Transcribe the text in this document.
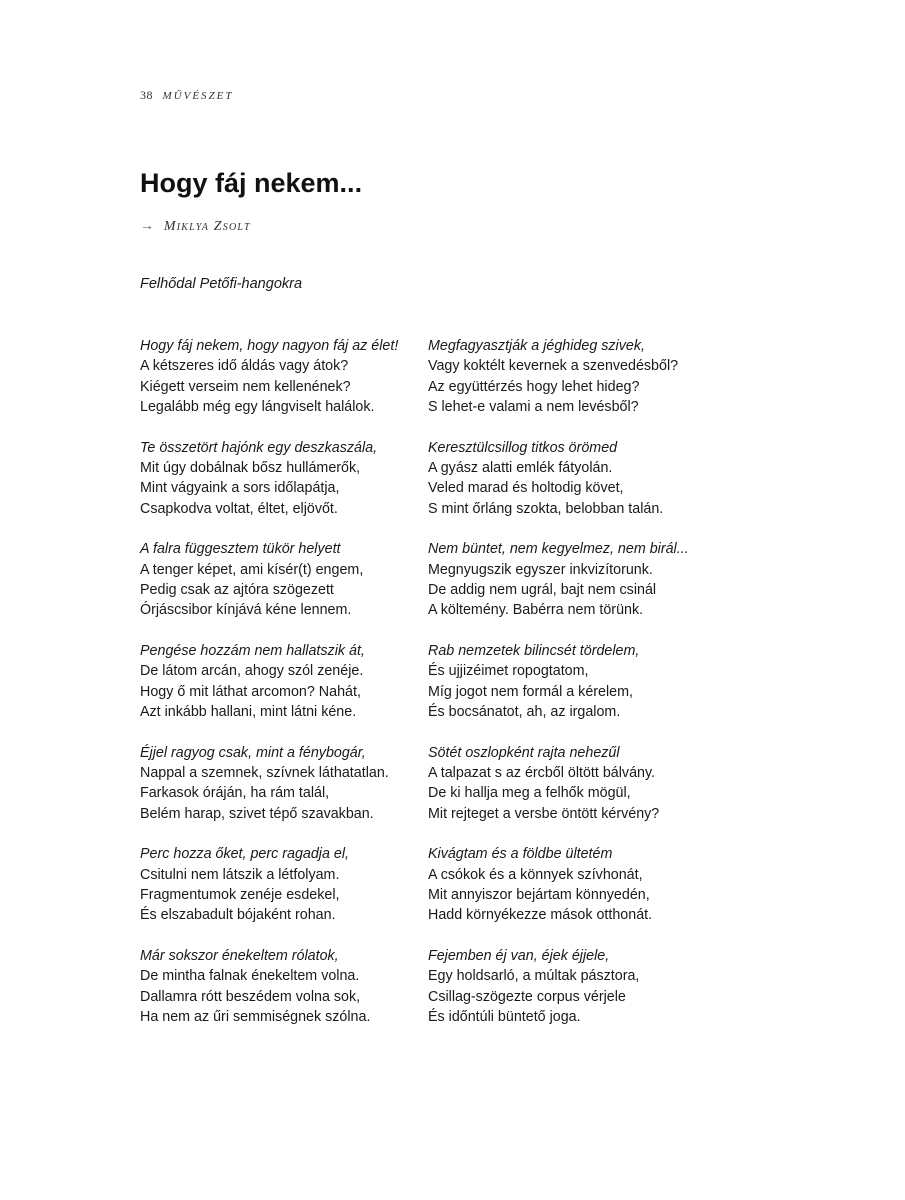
38 MŰVÉSZET
Hogy fáj nekem...
→ Miklya Zsolt
Felhődal Petőfi-hangokra
Hogy fáj nekem, hogy nagyon fáj az élet!
A kétszeres idő áldás vagy átok?
Kiégett verseim nem kellenének?
Legalább még egy lángviselt halálok.
Te összetört hajónk egy deszkaszála,
Mit úgy dobálnak bősz hullámerők,
Mint vágyaink a sors időlapátja,
Csapkodva voltat, éltet, eljövőt.
A falra függesztem tükör helyett
A tenger képet, ami kísér(t) engem,
Pedig csak az ajtóra szögezett
Órjáscsibor kínjává kéne lennem.
Pengése hozzám nem hallatszik át,
De látom arcán, ahogy szól zenéje.
Hogy ő mit láthat arcomon? Nahát,
Azt inkább hallani, mint látni kéne.
Éjjel ragyog csak, mint a fénybogár,
Nappal a szemnek, szívnek láthatatlan.
Farkasok óráján, ha rám talál,
Belém harap, szivet tépő szavakban.
Perc hozza őket, perc ragadja el,
Csitulni nem látszik a létfolyam.
Fragmentumok zenéje esdekel,
És elszabadult bójaként rohan.
Már sokszor énekeltem rólatok,
De mintha falnak énekeltem volna.
Dallamra rótt beszédem volna sok,
Ha nem az űri semmiségnek szólna.
Megfagyasztják a jéghideg szivek,
Vagy koktélt kevernek a szenvedésből?
Az együttérzés hogy lehet hideg?
S lehet-e valami a nem levésből?
Keresztülcsillog titkos örömed
A gyász alatti emlék fátyolán.
Veled marad és holtodig követ,
S mint őrláng szokta, belobban talán.
Nem büntet, nem kegyelmez, nem birál...
Megnyugszik egyszer inkvizítorunk.
De addig nem ugrál, bajt nem csinál
A költemény. Babérra nem törünk.
Rab nemzetek bilincsét tördelem,
És ujjizéimet ropogtatom,
Míg jogot nem formál a kérelem,
És bocsánatot, ah, az irgalom.
Sötét oszlopként rajta nehezűl
A talpazat s az ércből öltött bálvány.
De ki hallja meg a felhők mögül,
Mit rejteget a versbe öntött kérvény?
Kivágtam és a földbe ültetém
A csókok és a könnyek szívhonát,
Mit annyiszor bejártam könnyedén,
Hadd környékezze mások otthonát.
Fejemben éj van, éjek éjjele,
Egy holdsarló, a múltak pásztora,
Csillag-szögezte corpus vérjele
És időntúli büntető joga.
